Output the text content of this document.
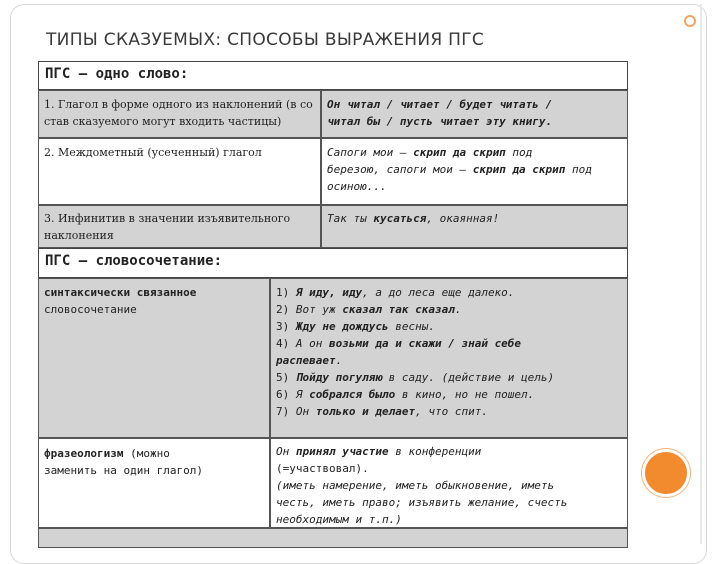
ТИПЫ СКАЗУЕМЫХ: СПОСОБЫ ВЫРАЖЕНИЯ ПГС
ПГС — одно слово:
1. Глагол в форме одного из наклонений (в со
став сказуемого могут входить частицы)
Он читал / читает / будет читать /
читал бы / пусть читает эту книгу.
2. Междометный (усеченный) глагол	Сапоги мои — скрип да скрип под
березою, сапоги мои — скрип да скрип под
осиною...
3. Инфинитив в значении изъявительного
наклонения
Так ты кусаться, окаянная!
ПГС — словосочетание:
синтаксически связанное
словосочетание
1) Я иду, иду, а до леса еще далеко.
2) Вот уж сказал так сказал.
3) Жду не дождусь весны.
4) А он возьми да и скажи / знай себе
распевает.
5) Пойду погуляю в саду. (действие и цель)
6) Я собрался было в кино, но не пошел.
7) Он только и делает, что спит.
фразеологизм (можно
заменить на один глагол)
Он принял участие в конференции
(=участвовал).
(иметь намерение, иметь обыкновение, иметь
честь, иметь право; изъявить желание, счесть
необходимым и т.п.)
